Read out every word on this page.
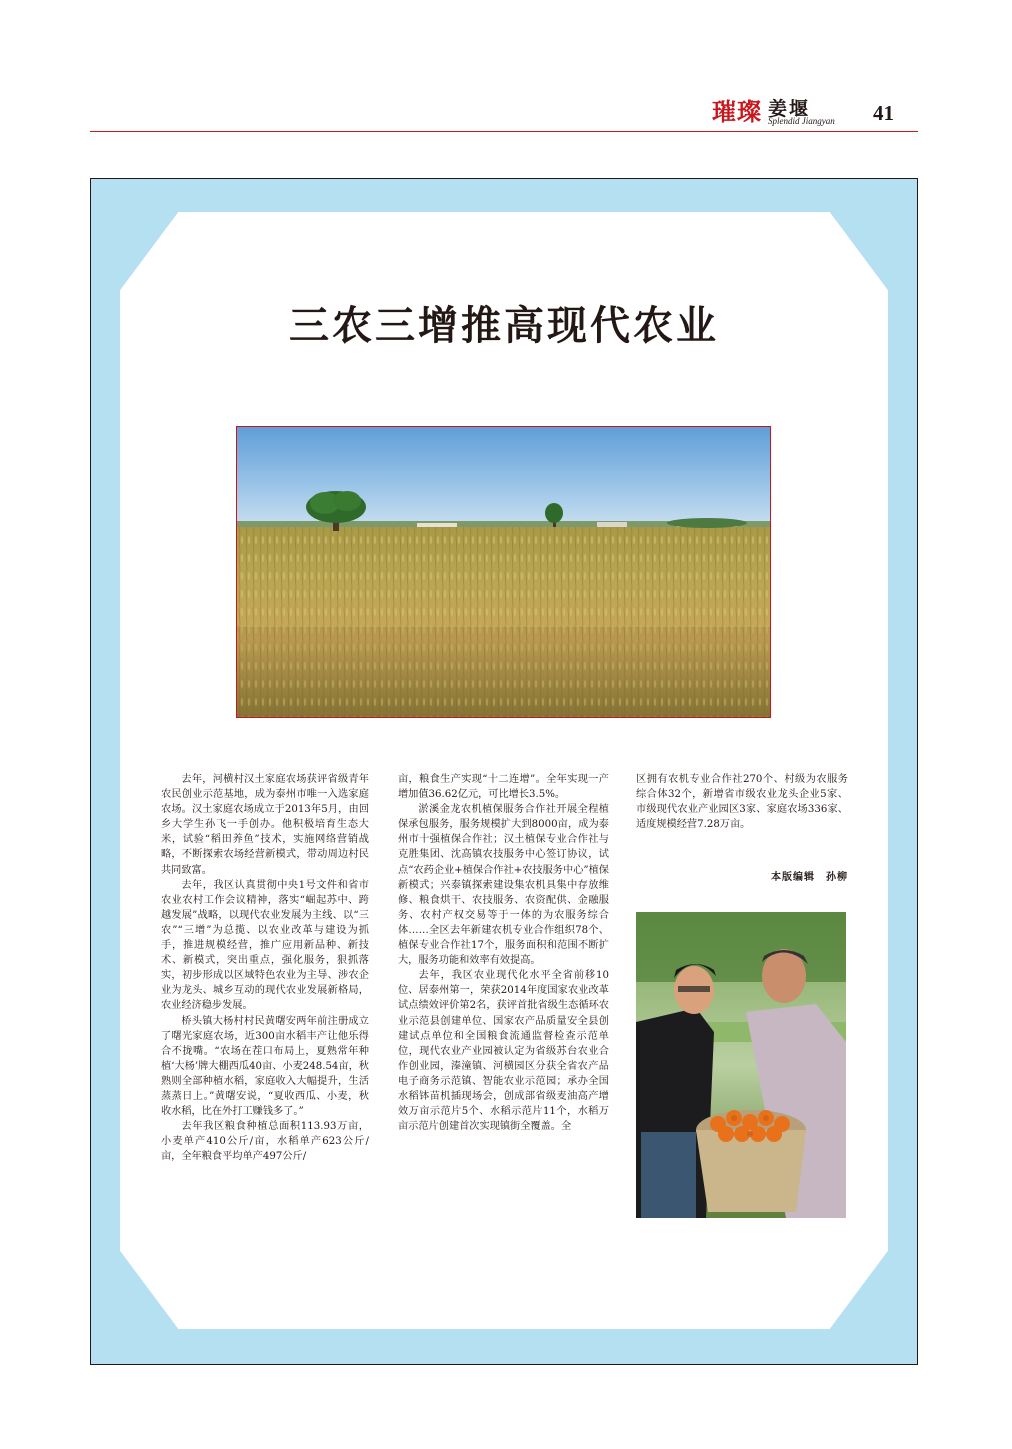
璀璨 姜堰
Splendid Jiangyan 41
三农三增推高现代农业

去年，河横村汉土家庭农场获评省级青年农民创业示范基地，成为泰州市唯一入选家庭农场。汉土家庭农场成立于2013年5月，由回乡大学生孙飞一手创办。他积极培育生态大米，试验“稻田养鱼”技术，实施网络营销战略，不断探索农场经营新模式，带动周边村民共同致富。

去年，我区认真贯彻中央1号文件和省市农业农村工作会议精神，落实“崛起苏中、跨越发展”战略，以现代农业发展为主线、以“三农”“三增”为总揽、以农业改革与建设为抓手，推进规模经营，推广应用新品种、新技术、新模式，突出重点，强化服务，狠抓落实，初步形成以区域特色农业为主导、涉农企业为龙头、城乡互动的现代农业发展新格局，农业经济稳步发展。

桥头镇大杨村村民黄曙安两年前注册成立了曙光家庭农场，近300亩水稻丰产让他乐得合不拢嘴。“农场在茬口布局上，夏熟常年种植‘大杨’牌大棚西瓜40亩、小麦248.54亩，秋熟则全部种植水稻，家庭收入大幅提升，生活蒸蒸日上。”黄曙安说，“夏收西瓜、小麦，秋收水稻，比在外打工赚钱多了。”

去年我区粮食种植总面积113.93万亩，小麦单产410公斤/亩，水稻单产623公斤/亩，全年粮食平均单产497公斤/

亩，粮食生产实现“十二连增”。全年实现一产增加值36.62亿元，可比增长3.5%。

淤溪金龙农机植保服务合作社开展全程植保承包服务，服务规模扩大到8000亩，成为泰州市十强植保合作社；汉土植保专业合作社与克胜集团、沈高镇农技服务中心签订协议，试点“农药企业+植保合作社+农技服务中心”植保新模式；兴泰镇探索建设集农机具集中存放维修、粮食烘干、农技服务、农资配供、金融服务、农村产权交易等于一体的为农服务综合体……全区去年新建农机专业合作组织78个、植保专业合作社17个，服务面积和范围不断扩大，服务功能和效率有效提高。

去年，我区农业现代化水平全省前移10位、居泰州第一，荣获2014年度国家农业改革试点绩效评价第2名，获评首批省级生态循环农业示范县创建单位、国家农产品质量安全县创建试点单位和全国粮食流通监督检查示范单位，现代农业产业园被认定为省级苏台农业合作创业园，溱潼镇、河横园区分获全省农产品电子商务示范镇、智能农业示范园；承办全国水稻钵苗机插现场会，创成部省级麦油高产增效万亩示范片5个、水稻示范片11个，水稻万亩示范片创建首次实现镇街全覆盖。全

区拥有农机专业合作社270个、村级为农服务综合体32个，新增省市级农业龙头企业5家、市级现代农业产业园区3家、家庭农场336家、适度规模经营7.28万亩。

本版编辑　孙柳
